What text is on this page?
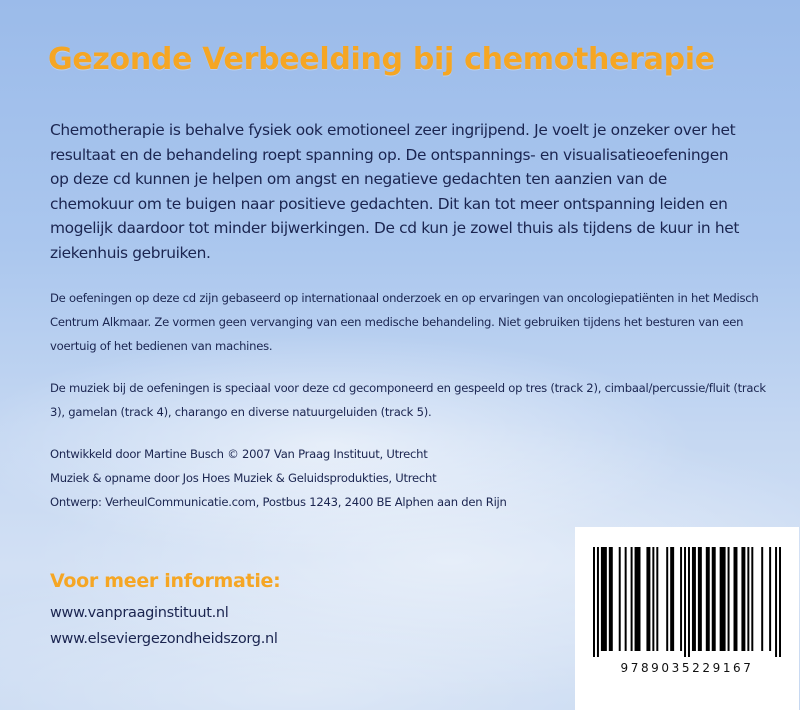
Gezonde Verbeelding bij chemotherapie

Chemotherapie is behalve fysiek ook emotioneel zeer ingrijpend. Je voelt je onzeker over het resultaat en de behandeling roept spanning op. De ontspannings- en visualisatieoefeningen op deze cd kunnen je helpen om angst en negatieve gedachten ten aanzien van de chemokuur om te buigen naar positieve gedachten. Dit kan tot meer ontspanning leiden en mogelijk daardoor tot minder bijwerkingen. De cd kun je zowel thuis als tijdens de kuur in het ziekenhuis gebruiken.

De oefeningen op deze cd zijn gebaseerd op internationaal onderzoek en op ervaringen van oncologiepatiënten in het Medisch Centrum Alkmaar. Ze vormen geen vervanging van een medische behandeling. Niet gebruiken tijdens het besturen van een voertuig of het bedienen van machines.

De muziek bij de oefeningen is speciaal voor deze cd gecomponeerd en gespeeld op tres (track 2), cimbaal/percussie/fluit (track 3), gamelan (track 4), charango en diverse natuurgeluiden (track 5).

Ontwikkeld door Martine Busch © 2007 Van Praag Instituut, Utrecht
Muziek & opname door Jos Hoes Muziek & Geluidsprodukties, Utrecht
Ontwerp: VerheulCommunicatie.com, Postbus 1243, 2400 BE Alphen aan den Rijn
Voor meer informatie:
www.vanpraaginstituut.nl
www.elseviergezondheidszorg.nl
9789035229167
